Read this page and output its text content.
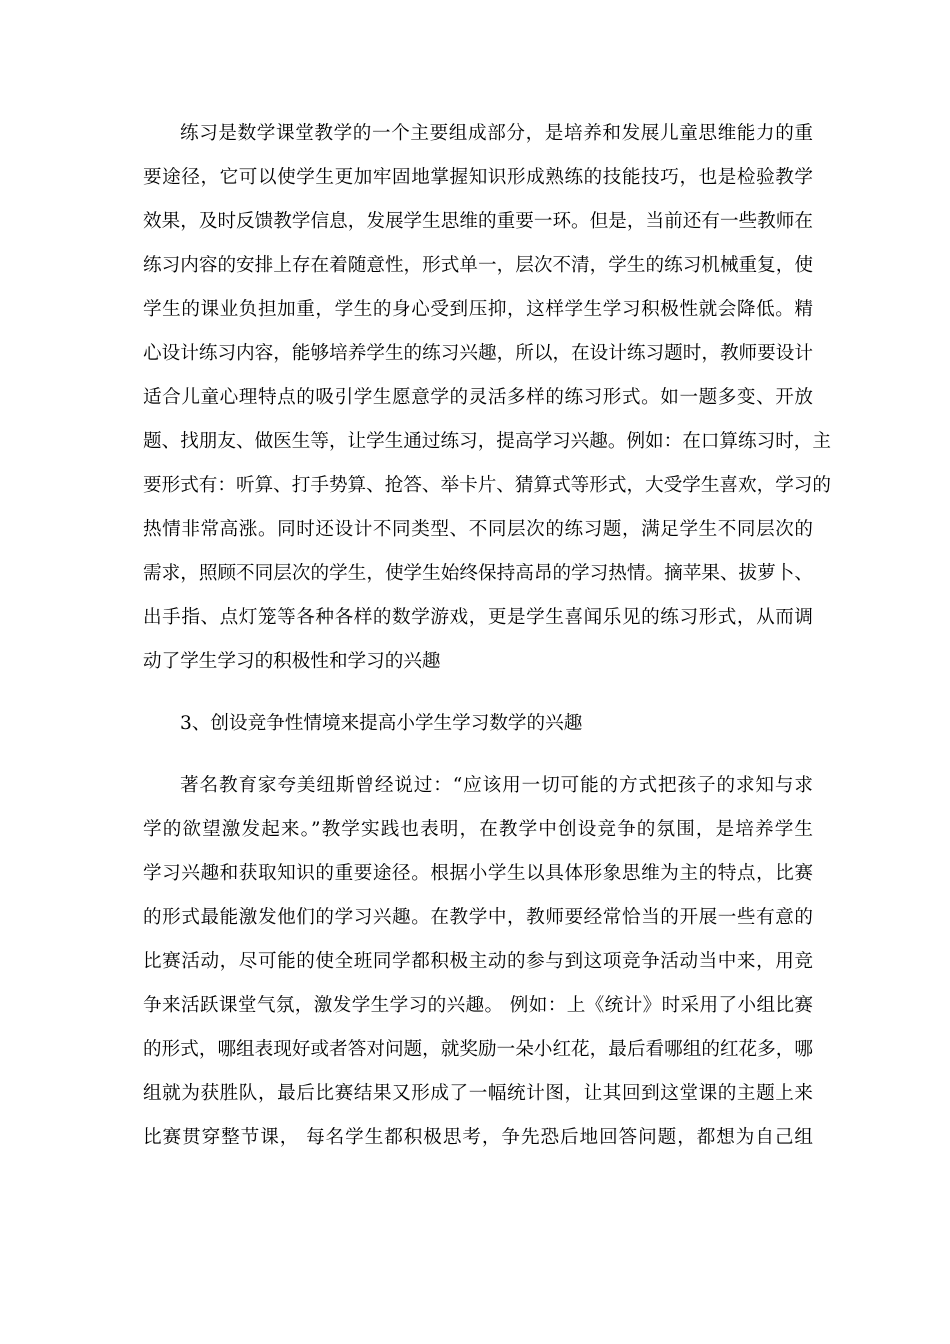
练习是数学课堂教学的一个主要组成部分，是培养和发展儿童思维能力的重
要途径，它可以使学生更加牢固地掌握知识形成熟练的技能技巧，也是检验教学
效果，及时反馈教学信息，发展学生思维的重要一环。但是，当前还有一些教师在
练习内容的安排上存在着随意性，形式单一，层次不清，学生的练习机械重复，使
学生的课业负担加重，学生的身心受到压抑，这样学生学习积极性就会降低。精
心设计练习内容，能够培养学生的练习兴趣，所以，在设计练习题时，教师要设计
适合儿童心理特点的吸引学生愿意学的灵活多样的练习形式。如一题多变、开放
题、找朋友、做医生等，让学生通过练习，提高学习兴趣。例如：在口算练习时，主
要形式有：听算、打手势算、抢答、举卡片、猜算式等形式，大受学生喜欢，学习的
热情非常高涨。同时还设计不同类型、不同层次的练习题，满足学生不同层次的
需求，照顾不同层次的学生，使学生始终保持高昂的学习热情。摘苹果、拔萝卜、
出手指、点灯笼等各种各样的数学游戏，更是学生喜闻乐见的练习形式，从而调
动了学生学习的积极性和学习的兴趣
3、创设竞争性情境来提高小学生学习数学的兴趣
著名教育家夸美纽斯曾经说过：“应该用一切可能的方式把孩子的求知与求
学的欲望激发起来。”教学实践也表明，在教学中创设竞争的氛围，是培养学生
学习兴趣和获取知识的重要途径。根据小学生以具体形象思维为主的特点，比赛
的形式最能激发他们的学习兴趣。在教学中，教师要经常恰当的开展一些有意的
比赛活动，尽可能的使全班同学都积极主动的参与到这项竞争活动当中来，用竞
争来活跃课堂气氛，激发学生学习的兴趣。 例如：上《统计》时采用了小组比赛
的形式，哪组表现好或者答对问题，就奖励一朵小红花，最后看哪组的红花多，哪
组就为获胜队，最后比赛结果又形成了一幅统计图，让其回到这堂课的主题上来
比赛贯穿整节课， 每名学生都积极思考，争先恐后地回答问题，都想为自己组
